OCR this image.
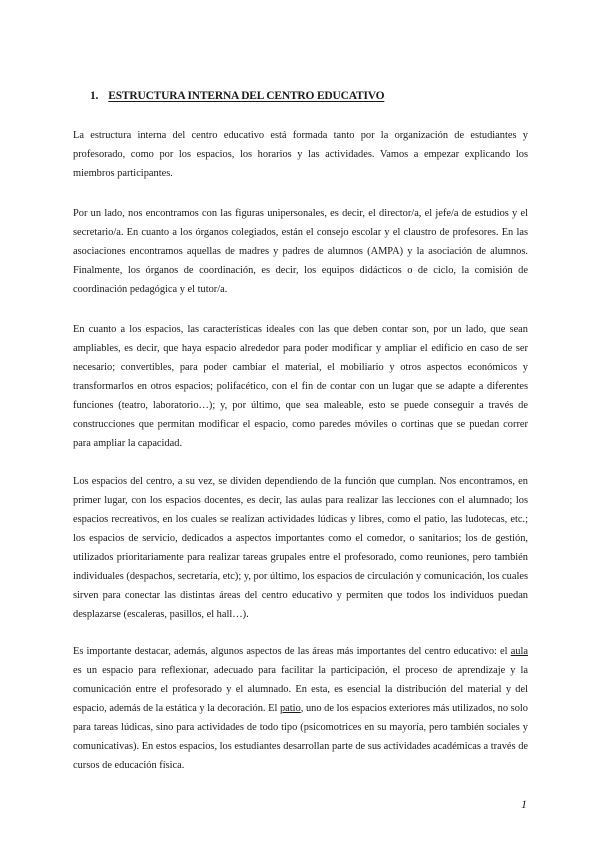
1. ESTRUCTURA INTERNA DEL CENTRO EDUCATIVO

La estructura interna del centro educativo está formada tanto por la organización de estudiantes y profesorado, como por los espacios, los horarios y las actividades. Vamos a empezar explicando los miembros participantes.

Por un lado, nos encontramos con las figuras unipersonales, es decir, el director/a, el jefe/a de estudios y el secretario/a. En cuanto a los órganos colegiados, están el consejo escolar y el claustro de profesores. En las asociaciones encontramos aquellas de madres y padres de alumnos (AMPA) y la asociación de alumnos. Finalmente, los órganos de coordinación, es decir, los equipos didácticos o de ciclo, la comisión de coordinación pedagógica y el tutor/a.

En cuanto a los espacios, las características ideales con las que deben contar son, por un lado, que sean ampliables, es decir, que haya espacio alrededor para poder modificar y ampliar el edificio en caso de ser necesario; convertibles, para poder cambiar el material, el mobiliario y otros aspectos económicos y transformarlos en otros espacios; polifacético, con el fin de contar con un lugar que se adapte a diferentes funciones (teatro, laboratorio…); y, por último, que sea maleable, esto se puede conseguir a través de construcciones que permitan modificar el espacio, como paredes móviles o cortinas que se puedan correr para ampliar la capacidad.

Los espacios del centro, a su vez, se dividen dependiendo de la función que cumplan. Nos encontramos, en primer lugar, con los espacios docentes, es decir, las aulas para realizar las lecciones con el alumnado; los espacios recreativos, en los cuales se realizan actividades lúdicas y libres, como el patio, las ludotecas, etc.; los espacios de servicio, dedicados a aspectos importantes como el comedor, o sanitarios; los de gestión, utilizados prioritariamente para realizar tareas grupales entre el profesorado, como reuniones, pero también individuales (despachos, secretaría, etc); y, por último, los espacios de circulación y comunicación, los cuales sirven para conectar las distintas áreas del centro educativo y permiten que todos los individuos puedan desplazarse (escaleras, pasillos, el hall…).

Es importante destacar, además, algunos aspectos de las áreas más importantes del centro educativo: el aula es un espacio para reflexionar, adecuado para facilitar la participación, el proceso de aprendizaje y la comunicación entre el profesorado y el alumnado. En esta, es esencial la distribución del material y del espacio, además de la estática y la decoración. El patio, uno de los espacios exteriores más utilizados, no solo para tareas lúdicas, sino para actividades de todo tipo (psicomotrices en su mayoría, pero también sociales y comunicativas). En estos espacios, los estudiantes desarrollan parte de sus actividades académicas a través de cursos de educación física.

1
